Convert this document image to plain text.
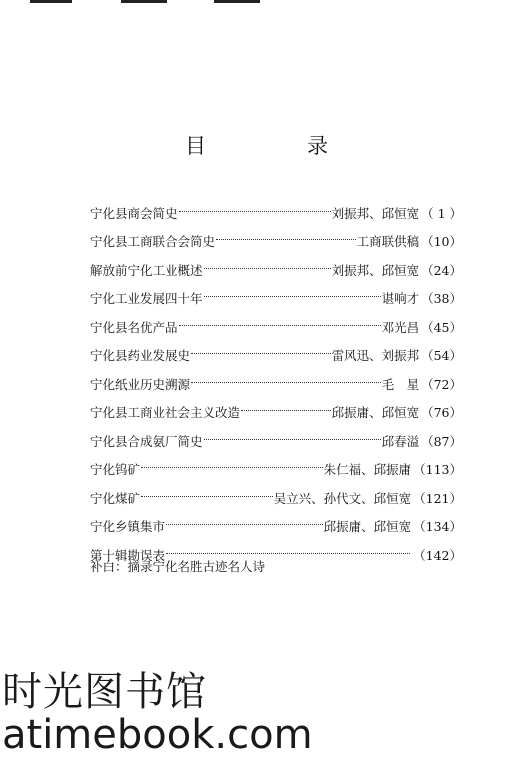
目　录
宁化县商会简史	刘振邦、邱恒宽 （ 1 ）
宁化县工商联合会简史	工商联供稿 （10）
解放前宁化工业概述	刘振邦、邱恒宽 （24）
宁化工业发展四十年	谌响才 （38）
宁化县名优产品	邓光昌 （45）
宁化县药业发展史	雷风迅、刘振邦 （54）
宁化纸业历史溯源	毛　星 （72）
宁化县工商业社会主义改造	邱振庸、邱恒宽 （76）
宁化县合成氨厂简史	邱春溢 （87）
宁化钨矿	朱仁福、邱振庸 （113）
宁化煤矿	吴立兴、孙代文、邱恒宽 （121）
宁化乡镇集市	邱振庸、邱恒宽 （134）
第十辑勘误表	（142）
补白：摘录宁化名胜古迹名人诗
时光图书馆
atimebook.com
